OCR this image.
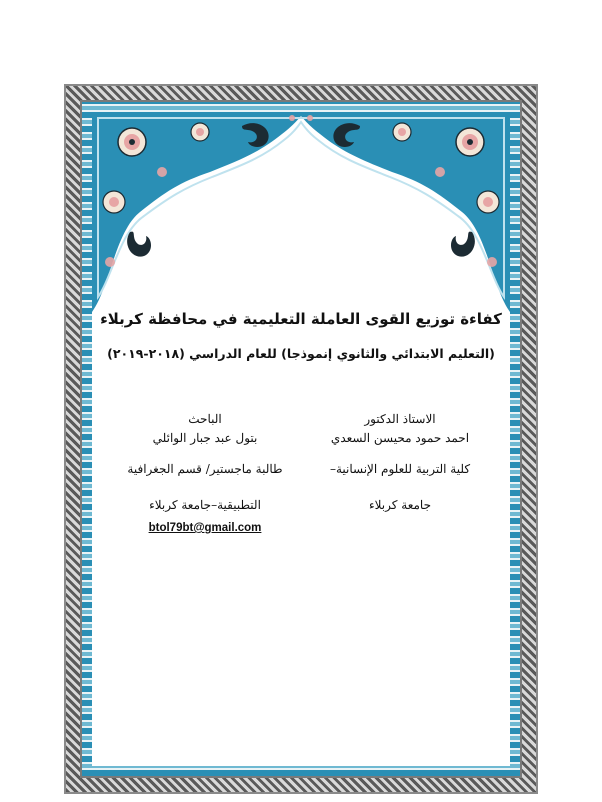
كفاءة توزيع القوى العاملة التعليمية في محافظة كربلاء
(التعليم الابتدائي والثانوي إنموذجا) للعام الدراسي (٢٠١٨-٢٠١٩)
الاستاذ الدكتور
احمد حمود محيسن السعدي
كلية التربية للعلوم الإنسانية–
جامعة كربلاء
الباحث
بتول عبد جبار الوائلي
طالبة ماجستير/ قسم الجغرافية
التطبيقية–جامعة كربلاء
btol79bt@gmail.com
